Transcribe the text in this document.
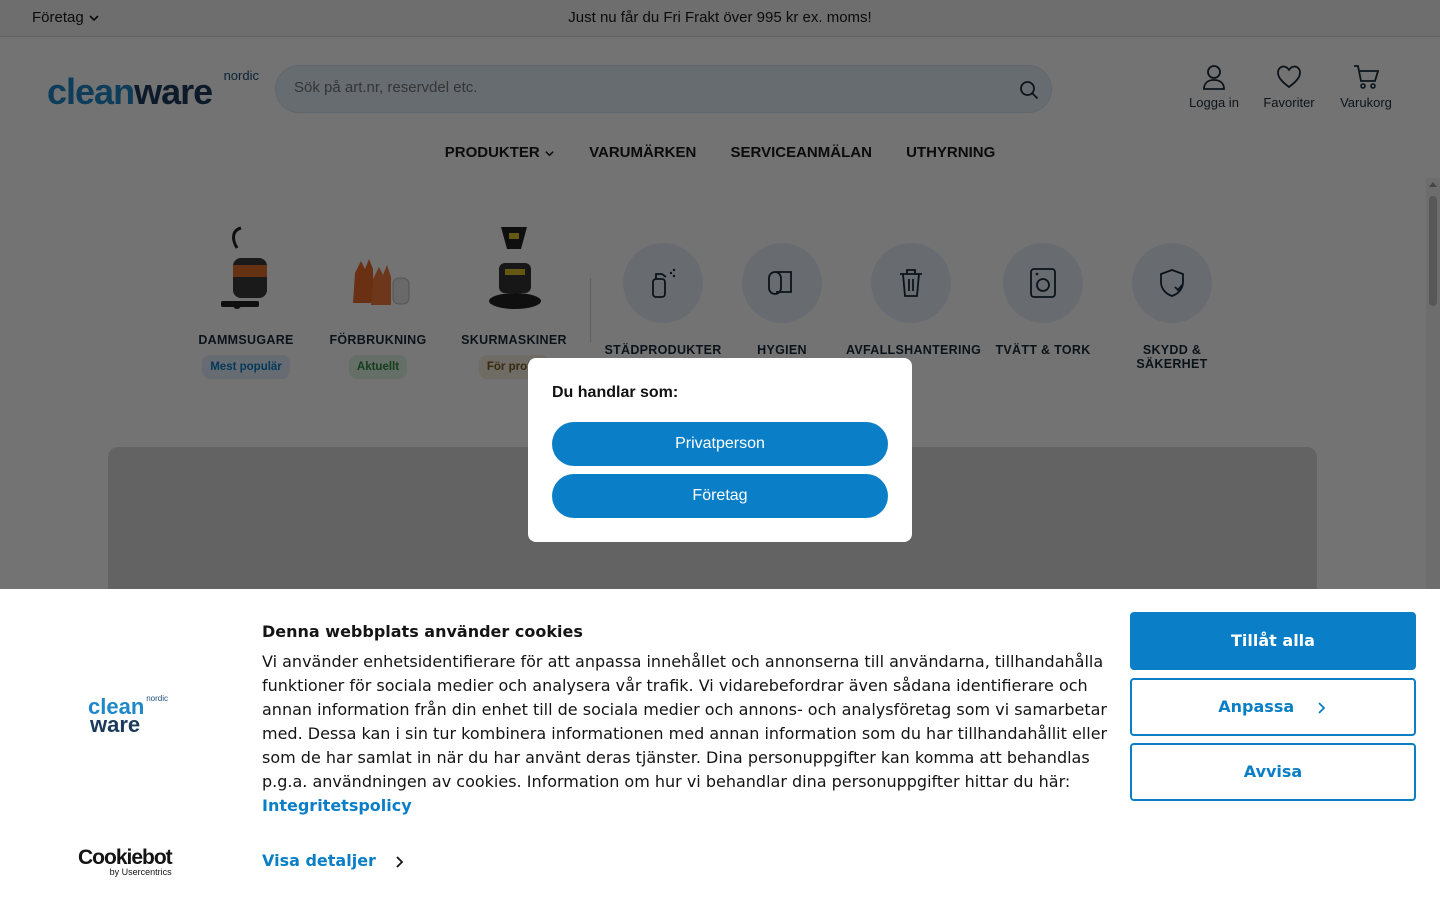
Sök på art.nr, reservdel etc.

Du handlar som:
Privatperson
Företag
nordic
clean
ware
Cookiebot
by Usercentrics
Denna webbplats använder cookies
Vi använder enhetsidentifierare för att anpassa innehållet och annonserna till användarna, tillhandahålla funktioner för sociala medier och analysera vår trafik. Vi vidarebefordrar även sådana identifierare och annan information från din enhet till de sociala medier och annons- och analysföretag som vi samarbetar med. Dessa kan i sin tur kombinera informationen med annan information som du har tillhandahållit eller som de har samlat in när du har använt deras tjänster. Dina personuppgifter kan komma att behandlas p.g.a. användningen av cookies. Information om hur vi behandlar dina personuppgifter hittar du här:
Integritetspolicy
Visa detaljer
Tillåt alla
Anpassa
Avvisa
